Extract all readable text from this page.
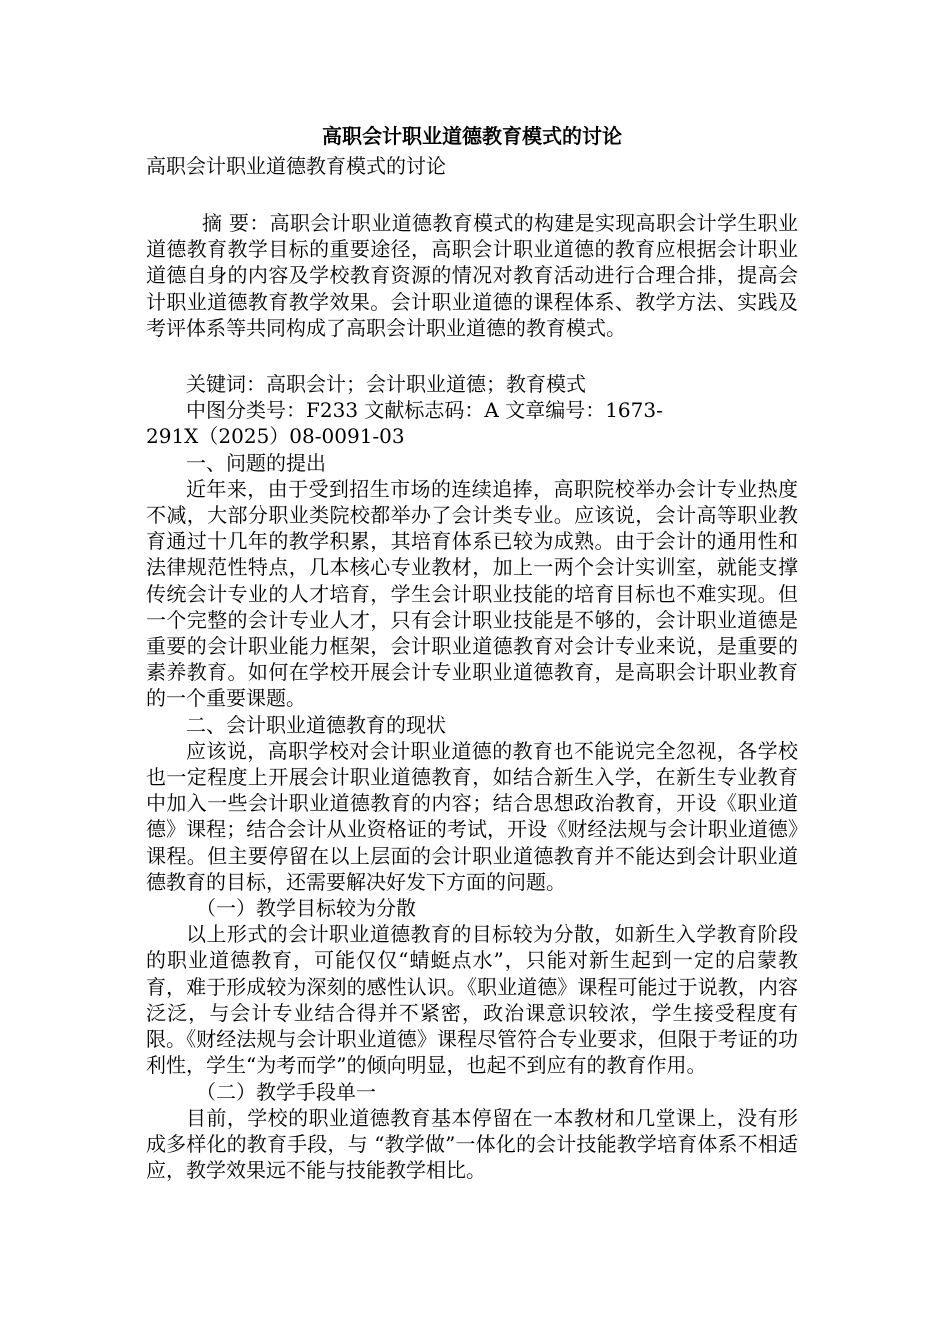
高职会计职业道德教育模式的讨论

高职会计职业道德教育模式的讨论

摘 要：高职会计职业道德教育模式的构建是实现高职会计学生职业道德教育教学目标的重要途径，高职会计职业道德的教育应根据会计职业道德自身的内容及学校教育资源的情况对教育活动进行合理合排，提高会计职业道德教育教学效果。会计职业道德的课程体系、教学方法、实践及考评体系等共同构成了高职会计职业道德的教育模式。

关键词：高职会计；会计职业道德；教育模式

中图分类号：F233 文献标志码：A 文章编号：1673-

291X（2025）08-0091-03

一、问题的提出

近年来，由于受到招生市场的连续追捧，高职院校举办会计专业热度不减，大部分职业类院校都举办了会计类专业。应该说，会计高等职业教育通过十几年的教学积累，其培育体系已较为成熟。由于会计的通用性和法律规范性特点，几本核心专业教材，加上一两个会计实训室，就能支撑传统会计专业的人才培育，学生会计职业技能的培育目标也不难实现。但一个完整的会计专业人才，只有会计职业技能是不够的，会计职业道德是重要的会计职业能力框架，会计职业道德教育对会计专业来说，是重要的素养教育。如何在学校开展会计专业职业道德教育，是高职会计职业教育的一个重要课题。

二、会计职业道德教育的现状

应该说，高职学校对会计职业道德的教育也不能说完全忽视，各学校也一定程度上开展会计职业道德教育，如结合新生入学，在新生专业教育中加入一些会计职业道德教育的内容；结合思想政治教育，开设《职业道德》课程；结合会计从业资格证的考试，开设《财经法规与会计职业道德》课程。但主要停留在以上层面的会计职业道德教育并不能达到会计职业道德教育的目标，还需要解决好发下方面的问题。

（一）教学目标较为分散

以上形式的会计职业道德教育的目标较为分散，如新生入学教育阶段的职业道德教育，可能仅仅“蜻蜓点水”，只能对新生起到一定的启蒙教育，难于形成较为深刻的感性认识。《职业道德》课程可能过于说教，内容泛泛，与会计专业结合得并不紧密，政治课意识较浓，学生接受程度有限。《财经法规与会计职业道德》课程尽管符合专业要求，但限于考证的功利性，学生“为考而学”的倾向明显，也起不到应有的教育作用。

（二）教学手段单一

目前，学校的职业道德教育基本停留在一本教材和几堂课上，没有形成多样化的教育手段，与 “教学做”一体化的会计技能教学培育体系不相适应，教学效果远不能与技能教学相比。
